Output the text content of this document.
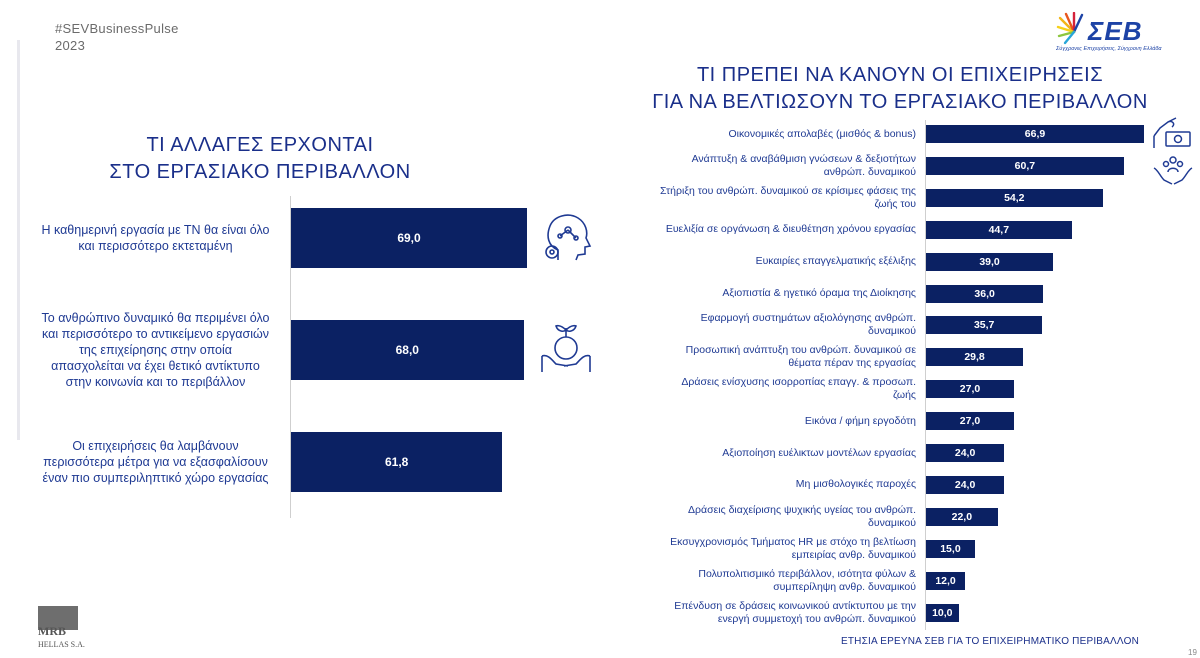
#SEVBusinessPulse
2023	ΣΕΒ
Σύγχρονες Επιχειρήσεις, Σύγχρονη Ελλάδα
ΤΙ ΑΛΛΑΓΕΣ ΕΡΧΟΝΤΑΙ
ΣΤΟ ΕΡΓΑΣΙΑΚΟ ΠΕΡΙΒΑΛΛΟΝ
ΤΙ ΠΡΕΠΕΙ ΝΑ ΚΑΝΟΥΝ ΟΙ ΕΠΙΧΕΙΡΗΣΕΙΣ
ΓΙΑ ΝΑ ΒΕΛΤΙΩΣΟΥΝ ΤΟ ΕΡΓΑΣΙΑΚΟ ΠΕΡΙΒΑΛΛΟΝ
69,0
Η καθημερινή εργασία με ΤΝ θα είναι όλο
και περισσότερο εκτεταμένη
68,0
Το ανθρώπινο δυναμικό θα περιμένει όλο
και περισσότερο το αντικείμενο εργασιών
της επιχείρησης στην οποία
απασχολείται να έχει θετικό αντίκτυπο
στην κοινωνία και το περιβάλλον
61,8
Οι επιχειρήσεις θα λαμβάνουν
περισσότερα μέτρα για να εξασφαλίσουν
έναν πιο συμπεριληπτικό χώρο εργασίας
66,9
Οικονομικές απολαβές (μισθός & bonus)
60,7
Ανάπτυξη & αναβάθμιση γνώσεων & δεξιοτήτων
ανθρώπ. δυναμικού
54,2
Στήριξη του ανθρώπ. δυναμικού σε κρίσιμες φάσεις της
ζωής του
44,7
Ευελιξία σε οργάνωση & διευθέτηση χρόνου εργασίας
39,0
Ευκαιρίες επαγγελματικής εξέλιξης
36,0
Αξιοπιστία & ηγετικό όραμα της Διοίκησης
35,7
Εφαρμογή συστημάτων αξιολόγησης ανθρώπ.
δυναμικού
29,8
Προσωπική ανάπτυξη του ανθρώπ. δυναμικού σε
θέματα πέραν της εργασίας
27,0
Δράσεις ενίσχυσης ισορροπίας επαγγ. & προσωπ.
ζωής
27,0
Εικόνα / φήμη εργοδότη
24,0
Αξιοποίηση ευέλικτων μοντέλων εργασίας
24,0
Μη μισθολογικές παροχές
22,0
Δράσεις διαχείρισης ψυχικής υγείας του ανθρώπ.
δυναμικού
15,0
Εκσυγχρονισμός Τμήματος HR με στόχο τη βελτίωση
εμπειρίας ανθρ. δυναμικού
12,0
Πολυπολιτισμικό περιβάλλον, ισότητα φύλων &
συμπερίληψη ανθρ. δυναμικού
10,0
Επένδυση σε δράσεις κοινωνικού αντίκτυπου με την
ενεργή συμμετοχή του ανθρώπ. δυναμικού
ΕΤΗΣΙΑ ΕΡΕΥΝΑ ΣΕΒ ΓΙΑ ΤΟ ΕΠΙΧΕΙΡΗΜΑΤΙΚΟ ΠΕΡΙΒΑΛΛΟΝ
19
MRB
HELLAS S.A.
